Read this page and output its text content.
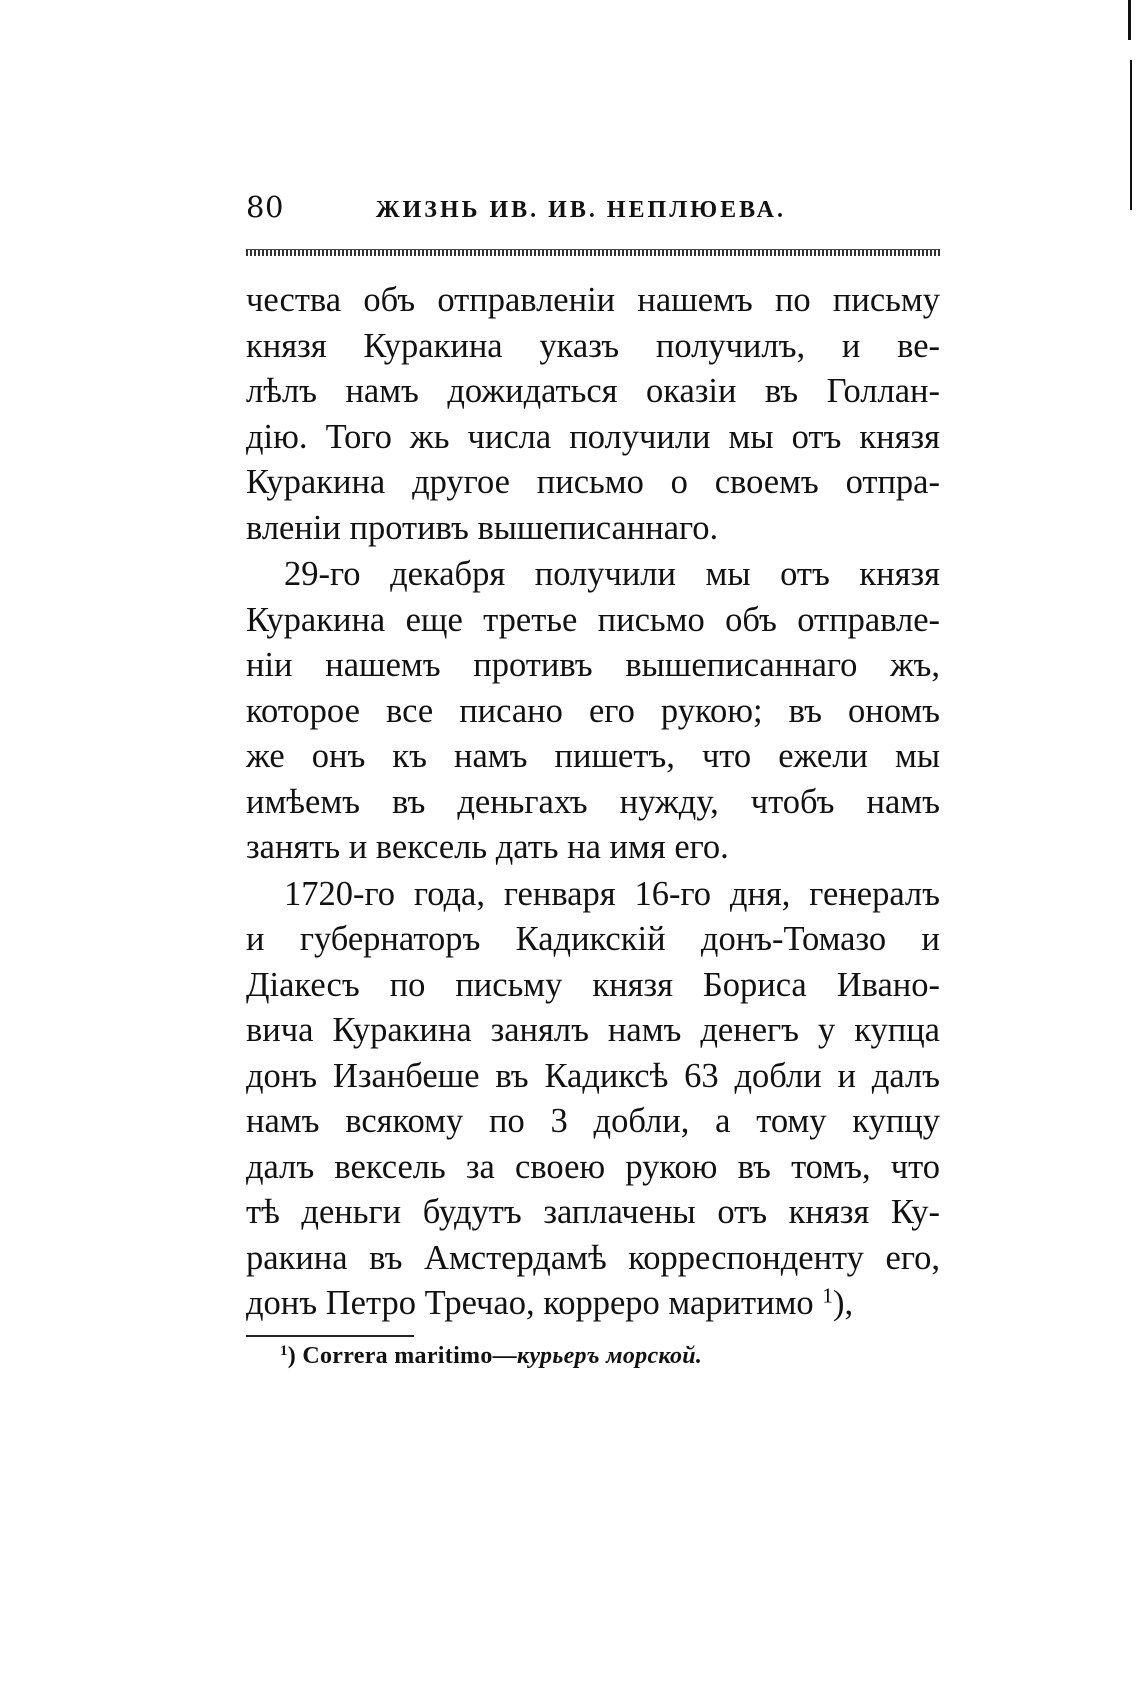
80	ЖИЗНЬ ИВ. ИВ. НЕПЛЮЕВА.

чества объ отправленіи нашемъ по письму
князя Куракина указъ получилъ, и ве-
лѣлъ намъ дожидаться оказіи въ Голлан-
дію. Того жь числа получили мы отъ князя
Куракина другое письмо о своемъ отпра-
вленіи противъ вышеписаннаго.

29-го декабря получили мы отъ князя
Куракина еще третье письмо объ отправле-
ніи нашемъ противъ вышеписаннаго жъ,
которое все писано его рукою; въ ономъ
же онъ къ намъ пишетъ, что ежели мы
имѣемъ въ деньгахъ нужду, чтобъ намъ
занять и вексель дать на имя его.

1720-го года, генваря 16-го дня, генералъ
и губернаторъ Кадикскій донъ-Томазо и
Діакесъ по письму князя Бориса Ивано-
вича Куракина занялъ намъ денегъ у купца
донъ Изанбеше въ Кадиксѣ 63 добли и далъ
намъ всякому по 3 добли, а тому купцу
далъ вексель за своею рукою въ томъ, что
тѣ деньги будутъ заплачены отъ князя Ку-
ракина въ Амстердамѣ корреспонденту его,
донъ Петро Тречао, корреро маритимо $^1$),

$^1$) Correra maritimo—курьеръ морской.
